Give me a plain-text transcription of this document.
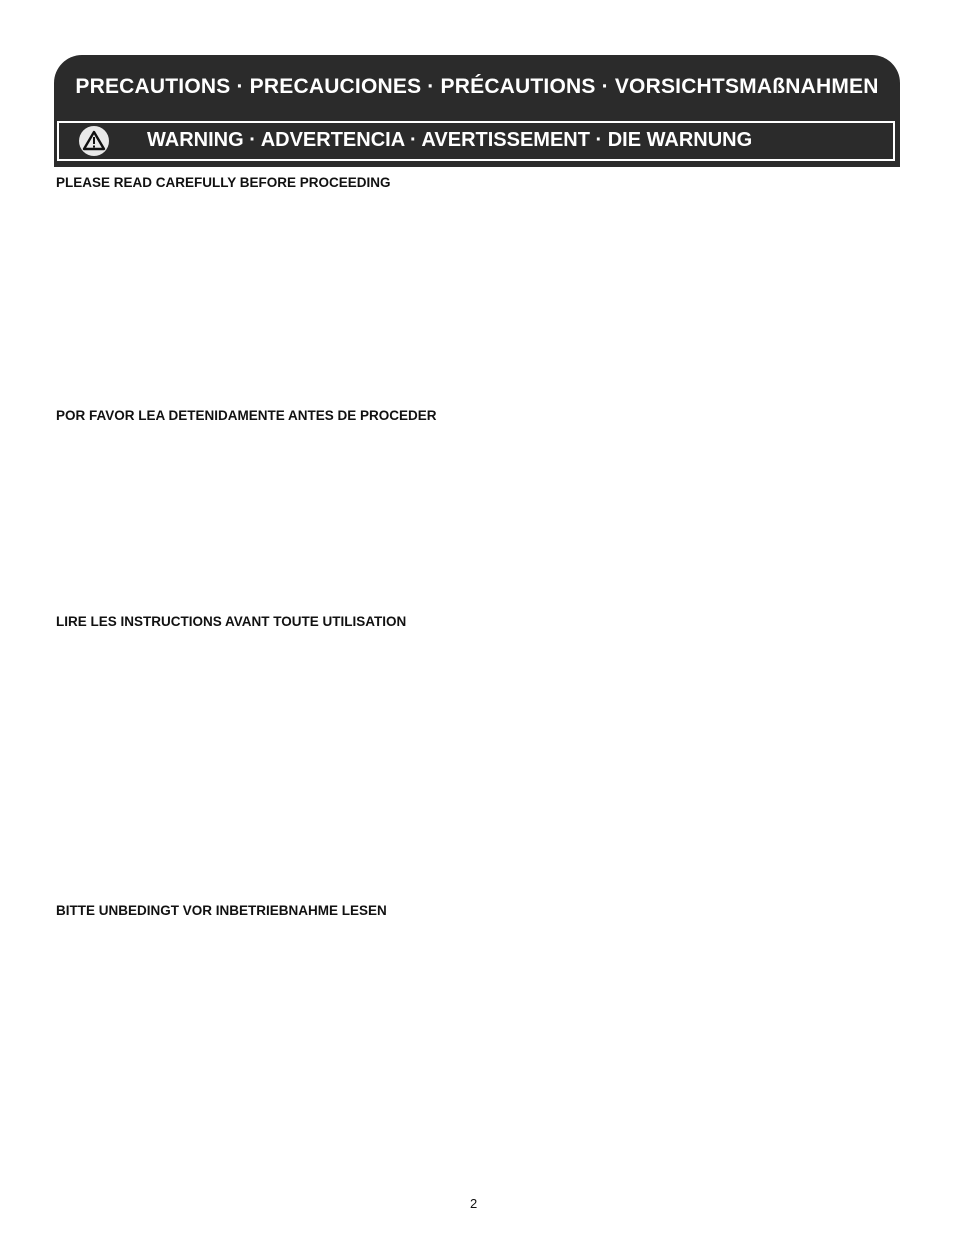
PRECAUTIONS · PRECAUCIONES · PRÉCAUTIONS · VORSICHTSMAßNAHMEN
WARNING · ADVERTENCIA · AVERTISSEMENT · DIE WARNUNG
PLEASE READ CAREFULLY BEFORE PROCEEDING
POR FAVOR LEA DETENIDAMENTE ANTES DE PROCEDER
LIRE LES INSTRUCTIONS AVANT TOUTE UTILISATION
BITTE UNBEDINGT VOR INBETRIEBNAHME LESEN
2
